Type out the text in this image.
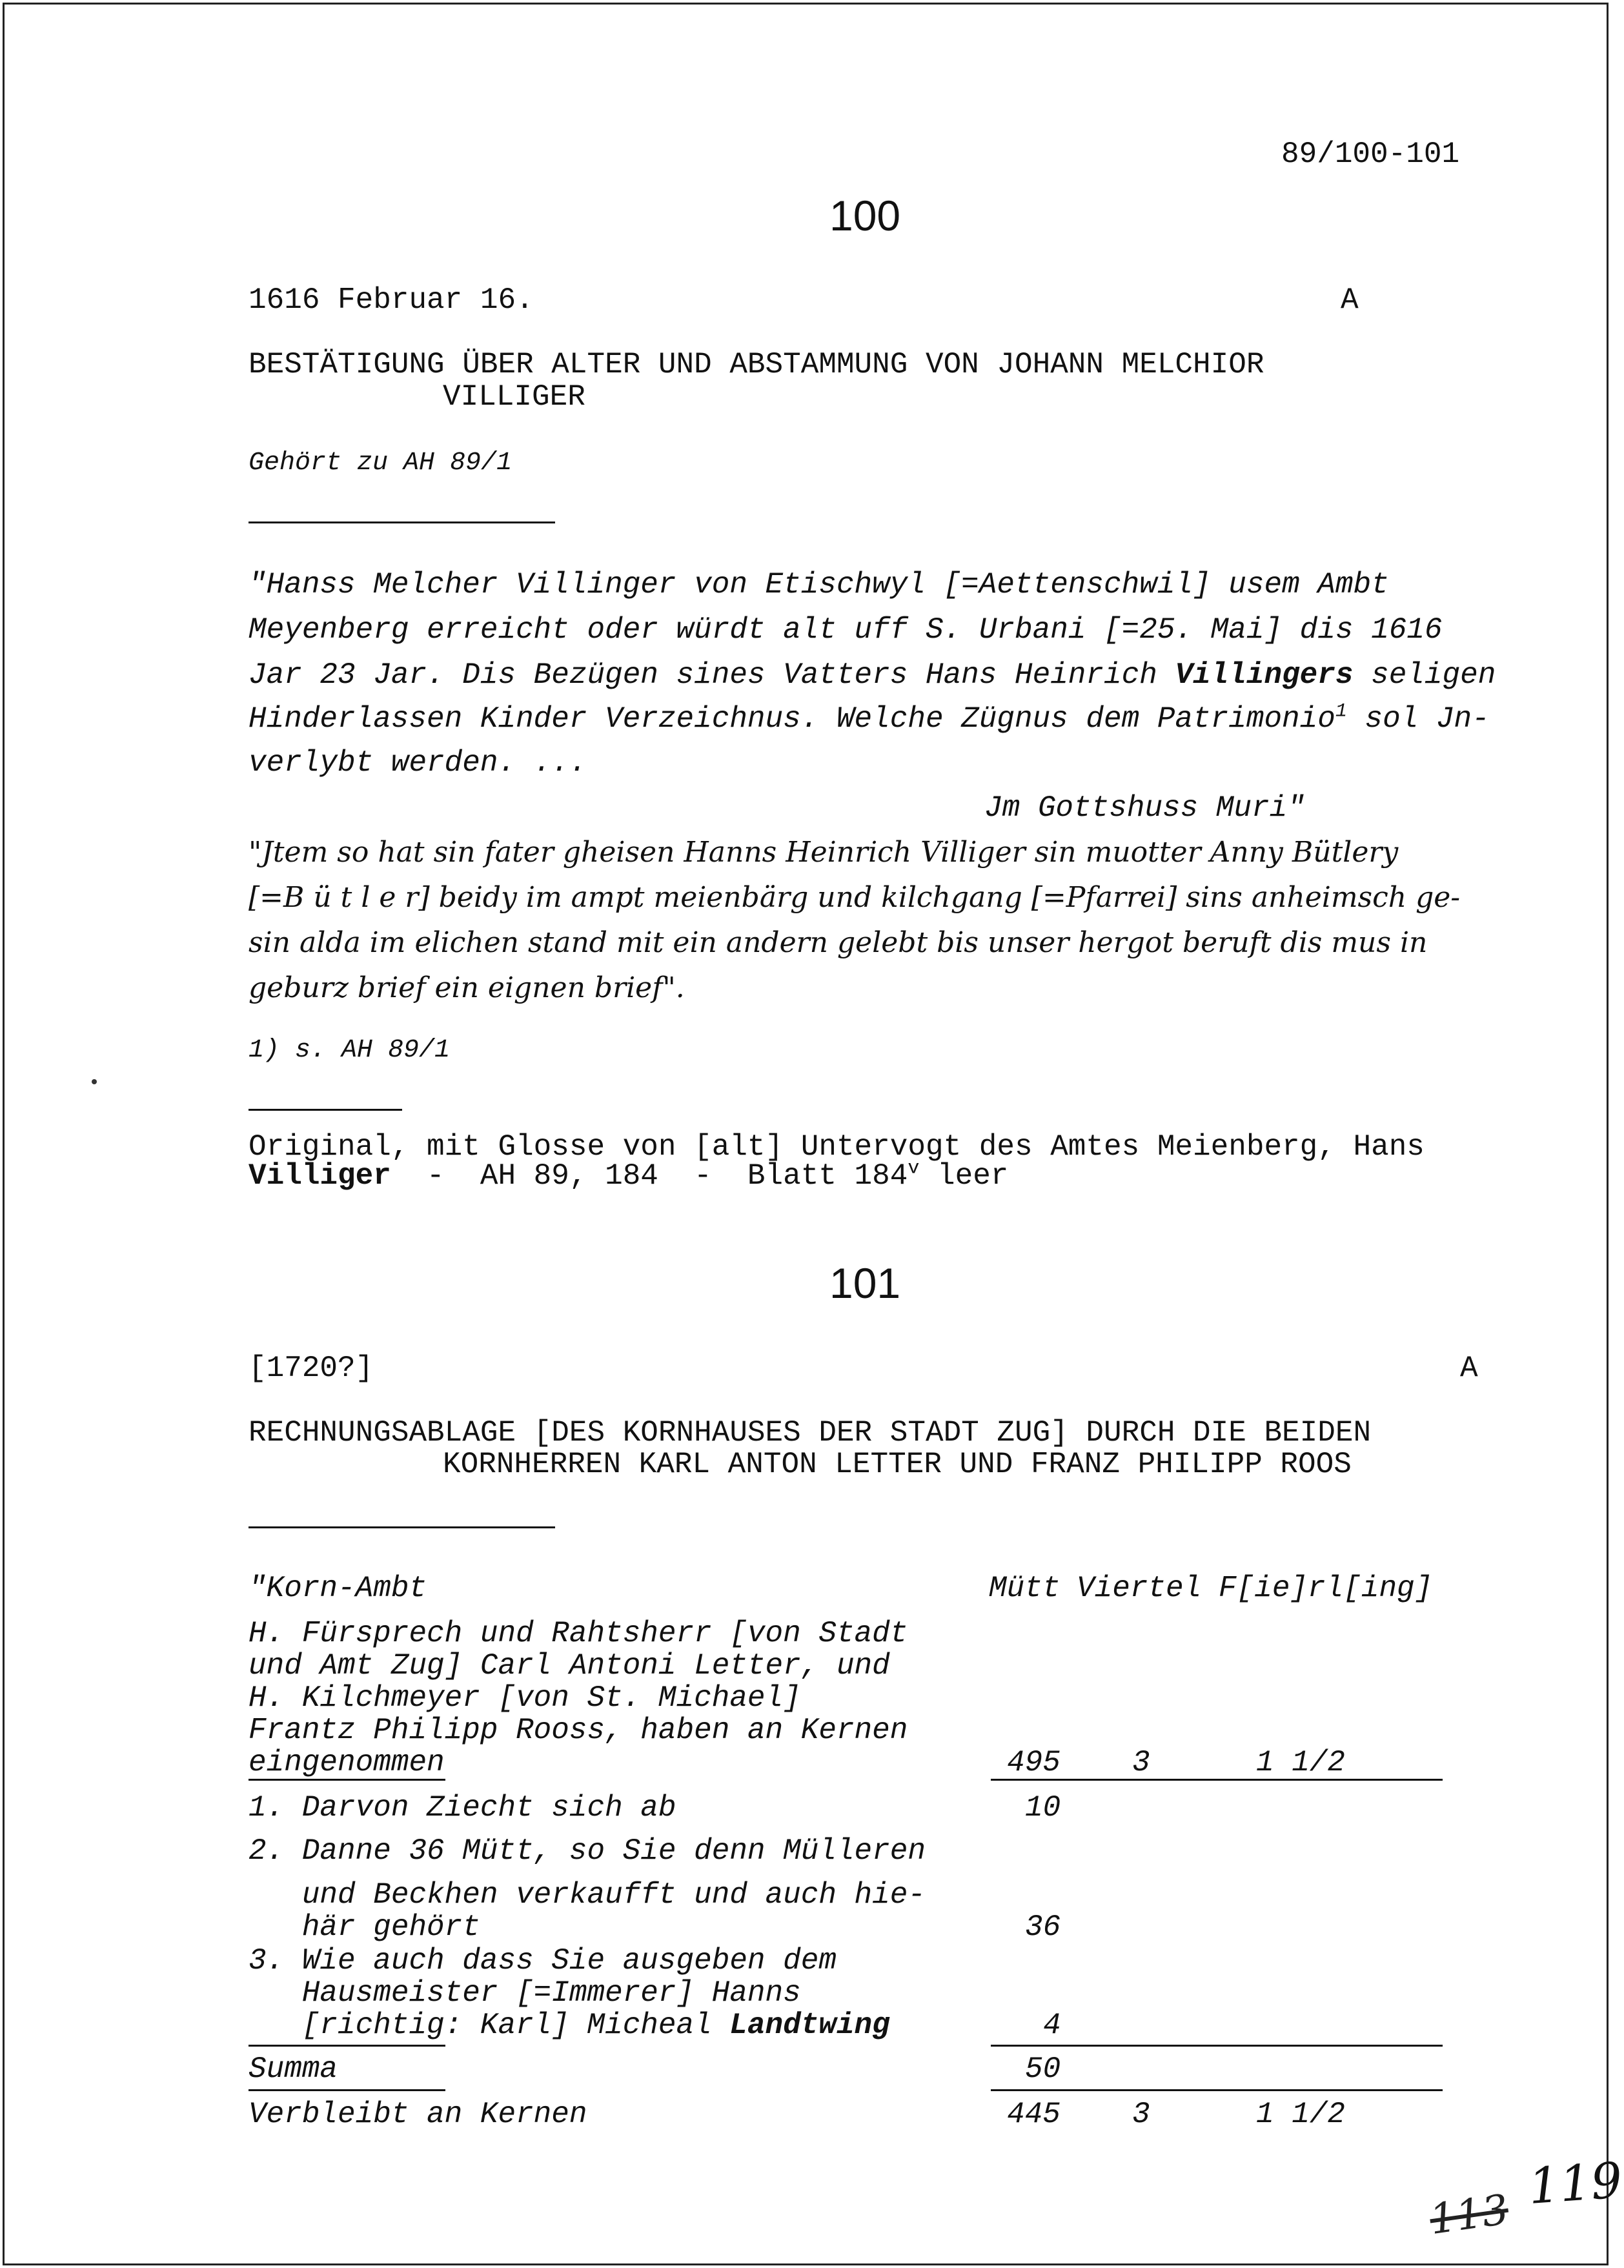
89/100-101
100
1616 Februar 16.	A
BESTÄTIGUNG ÜBER ALTER UND ABSTAMMUNG VON JOHANN MELCHIOR
VILLIGER
Gehört zu AH 89/1
"Hanss Melcher Villinger von Etischwyl [=Aettenschwil] usem Ambt
Meyenberg erreicht oder würdt alt uff S. Urbani [=25. Mai] dis 1616
Jar 23 Jar. Dis Bezügen sines Vatters Hans Heinrich Villingers seligen
Hinderlassen Kinder Verzeichnus. Welche Zügnus dem Patrimonio$^1$ sol Jn-
verlybt werden. ...
Jm Gottshuss Muri"
"Jtem so hat sin fater gheisen Hanns Heinrich Villiger sin muotter Anny Bütlery
[=B ü t l e r] beidy im ampt meienbärg und kilchgang [=Pfarrei] sins anheimsch ge-
sin alda im elichen stand mit ein andern gelebt bis unser hergot beruft dis mus in
geburz brief ein eignen brief".
1) s. AH 89/1
Original, mit Glosse von [alt] Untervogt des Amtes Meienberg, Hans
Villiger  -  AH 89, 184  -  Blatt 184$^v$ leer
101
[1720?]	A
RECHNUNGSABLAGE [DES KORNHAUSES DER STADT ZUG] DURCH DIE BEIDEN
KORNHERREN KARL ANTON LETTER UND FRANZ PHILIPP ROOS
"Korn-Ambt	Mütt Viertel F[ie]rl[ing]
H. Fürsprech und Rahtsherr [von Stadt
und Amt Zug] Carl Antoni Letter, und
H. Kilchmeyer [von St. Michael]
Frantz Philipp Rooss, haben an Kernen
eingenommen	495 3	1 1/2
1. Darvon Ziecht sich ab	10
2. Danne 36 Mütt, so Sie denn Mülleren
und Beckhen verkaufft und auch hie-
här gehört	36
3. Wie auch dass Sie ausgeben dem
Hausmeister [=Immerer] Hanns
[richtig: Karl] Micheal Landtwing	4
Summa	50
Verbleibt an Kernen	445 3	1 1/2
113
119
